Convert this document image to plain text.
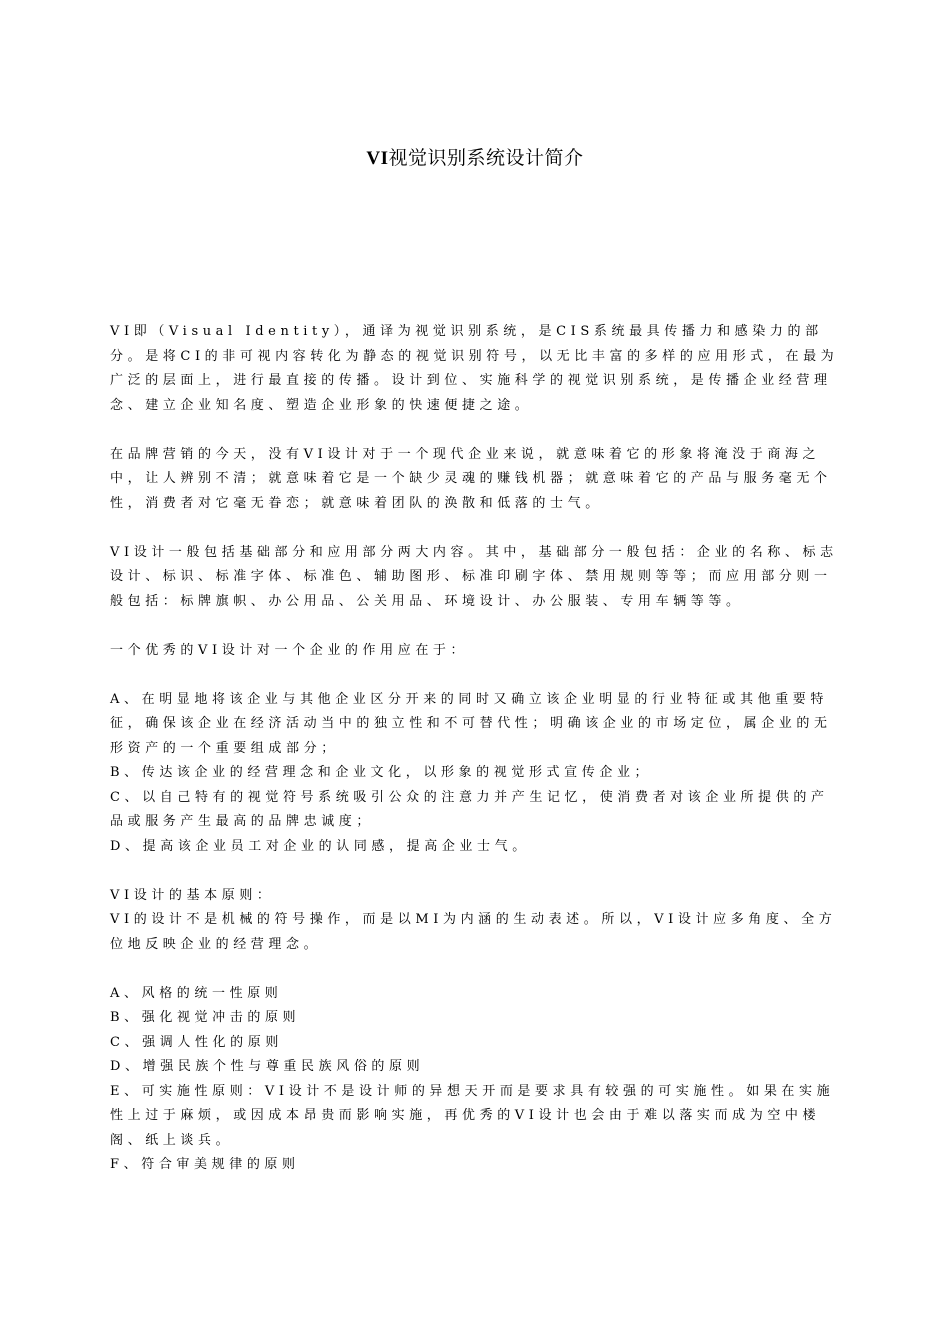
VI视觉识别系统设计简介

VI即（Visual Identity），通译为视觉识别系统，是CIS系统最具传播力和感染力的部分。是将CI的非可视内容转化为静态的视觉识别符号，以无比丰富的多样的应用形式，在最为广泛的层面上，进行最直接的传播。设计到位、实施科学的视觉识别系统，是传播企业经营理念、建立企业知名度、塑造企业形象的快速便捷之途。

在品牌营销的今天，没有VI设计对于一个现代企业来说，就意味着它的形象将淹没于商海之中，让人辨别不清；就意味着它是一个缺少灵魂的赚钱机器；就意味着它的产品与服务毫无个性，消费者对它毫无眷恋；就意味着团队的涣散和低落的士气。

VI设计一般包括基础部分和应用部分两大内容。其中，基础部分一般包括：企业的名称、标志设计、标识、标准字体、标准色、辅助图形、标准印刷字体、禁用规则等等；而应用部分则一般包括：标牌旗帜、办公用品、公关用品、环境设计、办公服装、专用车辆等等。

一个优秀的VI设计对一个企业的作用应在于：

A、在明显地将该企业与其他企业区分开来的同时又确立该企业明显的行业特征或其他重要特征，确保该企业在经济活动当中的独立性和不可替代性；明确该企业的市场定位，属企业的无形资产的一个重要组成部分；

B、传达该企业的经营理念和企业文化，以形象的视觉形式宣传企业；

C、以自己特有的视觉符号系统吸引公众的注意力并产生记忆，使消费者对该企业所提供的产品或服务产生最高的品牌忠诚度；

D、提高该企业员工对企业的认同感，提高企业士气。

VI设计的基本原则：

VI的设计不是机械的符号操作，而是以MI为内涵的生动表述。所以，VI设计应多角度、全方位地反映企业的经营理念。

A、风格的统一性原则

B、强化视觉冲击的原则

C、强调人性化的原则

D、增强民族个性与尊重民族风俗的原则

E、可实施性原则：VI设计不是设计师的异想天开而是要求具有较强的可实施性。如果在实施性上过于麻烦，或因成本昂贵而影响实施，再优秀的VI设计也会由于难以落实而成为空中楼阁、纸上谈兵。

F、符合审美规律的原则
